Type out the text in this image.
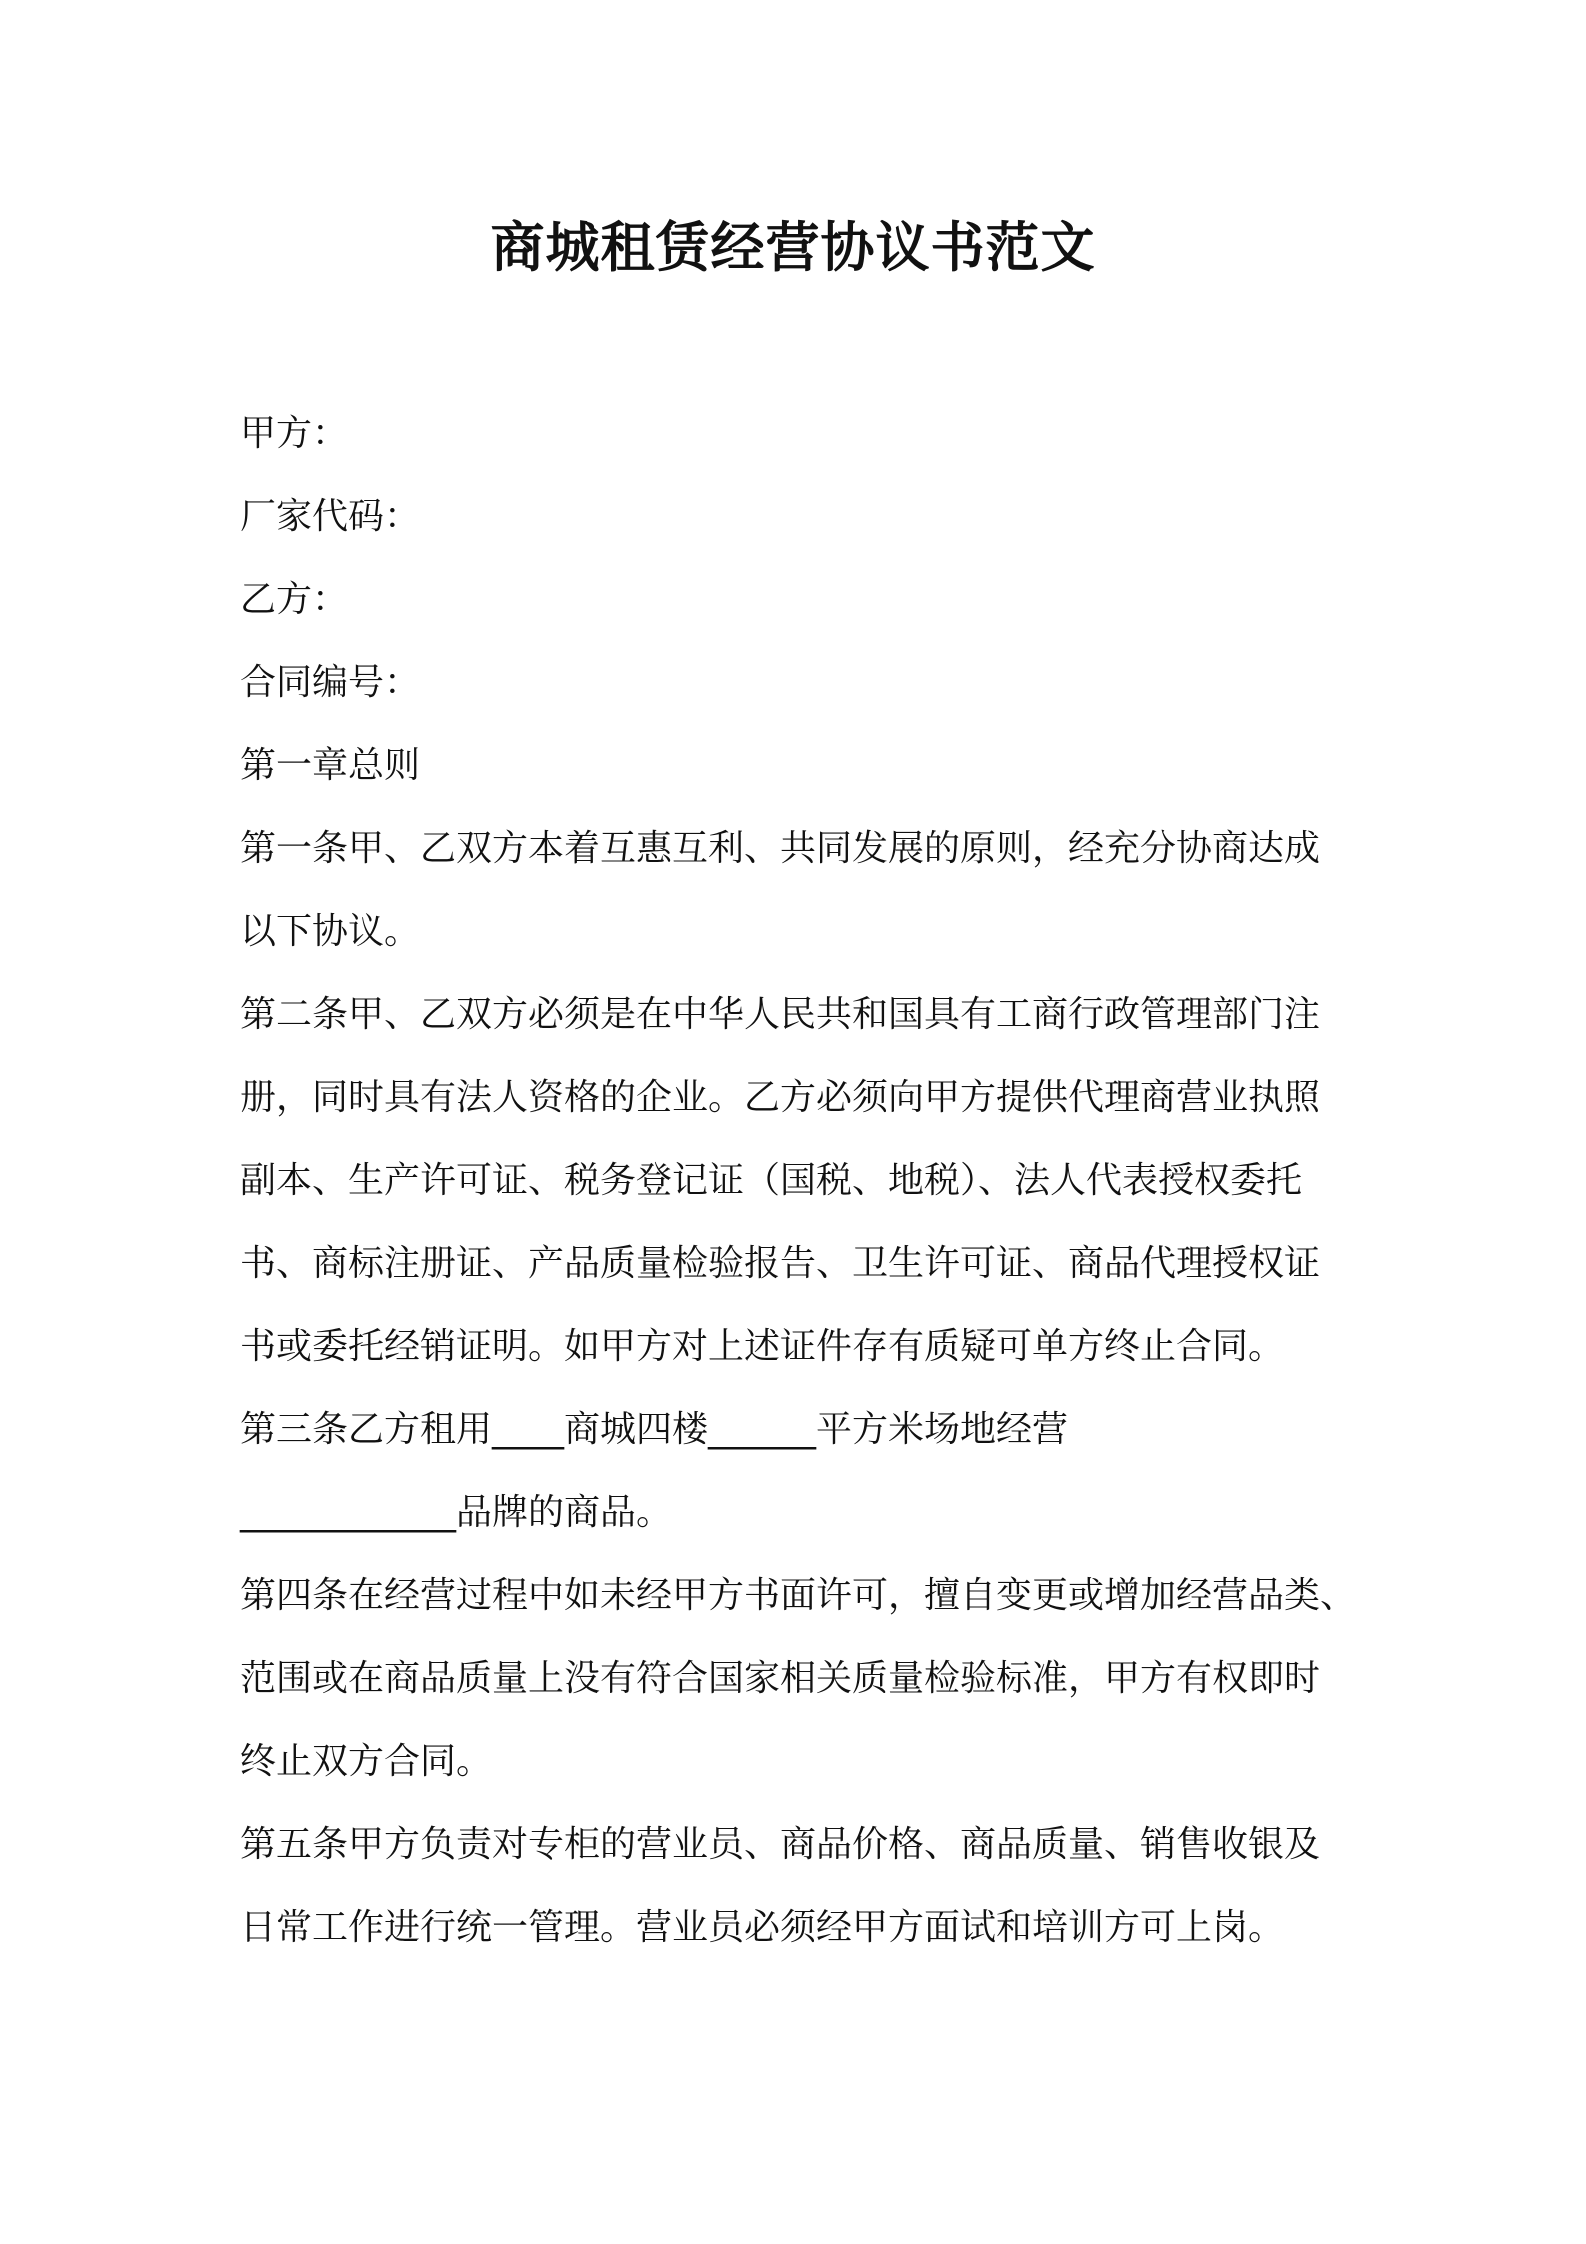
商城租赁经营协议书范文

甲方：

厂家代码：

乙方：

合同编号：

第一章总则

第一条甲、乙双方本着互惠互利、共同发展的原则，经充分协商达成

以下协议。

第二条甲、乙双方必须是在中华人民共和国具有工商行政管理部门注

册，同时具有法人资格的企业。乙方必须向甲方提供代理商营业执照

副本、生产许可证、税务登记证（国税、地税）、法人代表授权委托

书、商标注册证、产品质量检验报告、卫生许可证、商品代理授权证

书或委托经销证明。如甲方对上述证件存有质疑可单方终止合同。

第三条乙方租用____商城四楼______平方米场地经营

____________品牌的商品。

第四条在经营过程中如未经甲方书面许可，擅自变更或增加经营品类、

范围或在商品质量上没有符合国家相关质量检验标准，甲方有权即时

终止双方合同。

第五条甲方负责对专柜的营业员、商品价格、商品质量、销售收银及

日常工作进行统一管理。营业员必须经甲方面试和培训方可上岗。
